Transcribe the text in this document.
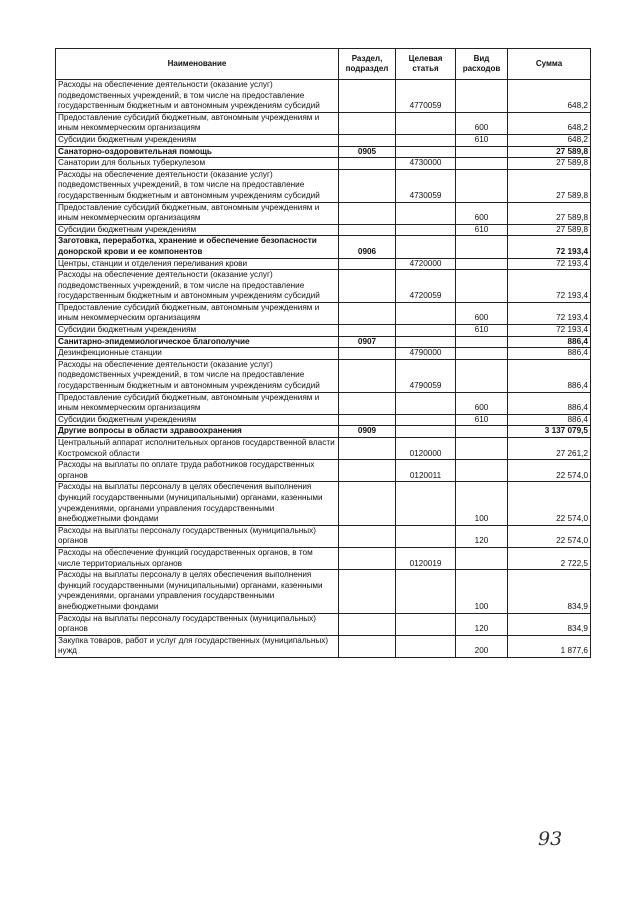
Наименование	Раздел, подраздел	Целевая статья	Вид расходов	Сумма
Расходы на обеспечение деятельности (оказание услуг) подведомственных учреждений, в том числе на предоставление государственным бюджетным и автономным учреждениям субсидий		4770059		648,2
Предоставление субсидий бюджетным, автономным учреждениям и иным некоммерческим организациям			600	648,2
Субсидии бюджетным учреждениям			610	648,2
Санаторно-оздоровительная помощь	0905			27 589,8
Санатории для больных туберкулезом		4730000		27 589,8
Расходы на обеспечение деятельности (оказание услуг) подведомственных учреждений, в том числе на предоставление государственным бюджетным и автономным учреждениям субсидий		4730059		27 589,8
Предоставление субсидий бюджетным, автономным учреждениям и иным некоммерческим организациям			600	27 589,8
Субсидии бюджетным учреждениям			610	27 589,8
Заготовка, переработка, хранение и обеспечение безопасности донорской крови и ее компонентов	0906			72 193,4
Центры, станции и отделения переливания крови		4720000		72 193,4
Расходы на обеспечение деятельности (оказание услуг) подведомственных учреждений, в том числе на предоставление государственным бюджетным и автономным учреждениям субсидий		4720059		72 193,4
Предоставление субсидий бюджетным, автономным учреждениям и иным некоммерческим организациям			600	72 193,4
Субсидии бюджетным учреждениям			610	72 193,4
Санитарно-эпидемиологическое благополучие	0907			886,4
Дезинфекционные станции		4790000		886,4
Расходы на обеспечение деятельности (оказание услуг) подведомственных учреждений, в том числе на предоставление государственным бюджетным и автономным учреждениям субсидий		4790059		886,4
Предоставление субсидий бюджетным, автономным учреждениям и иным некоммерческим организациям			600	886,4
Субсидии бюджетным учреждениям			610	886,4
Другие вопросы в области здравоохранения	0909			3 137 079,5
Центральный аппарат исполнительных органов государственной власти Костромской области		0120000		27 261,2
Расходы на выплаты по оплате труда работников государственных органов		0120011		22 574,0
Расходы на выплаты персоналу в целях обеспечения выполнения функций государственными (муниципальными) органами, казенными учреждениями, органами управления государственными внебюджетными фондами			100	22 574,0
Расходы на выплаты персоналу государственных (муниципальных) органов			120	22 574,0
Расходы на обеспечение функций государственных органов, в том числе территориальных органов		0120019		2 722,5
Расходы на выплаты персоналу в целях обеспечения выполнения функций государственными (муниципальными) органами, казенными учреждениями, органами управления государственными внебюджетными фондами			100	834,9
Расходы на выплаты персоналу государственных (муниципальных) органов			120	834,9
Закупка товаров, работ и услуг для государственных (муниципальных) нужд			200	1 877,6
93
